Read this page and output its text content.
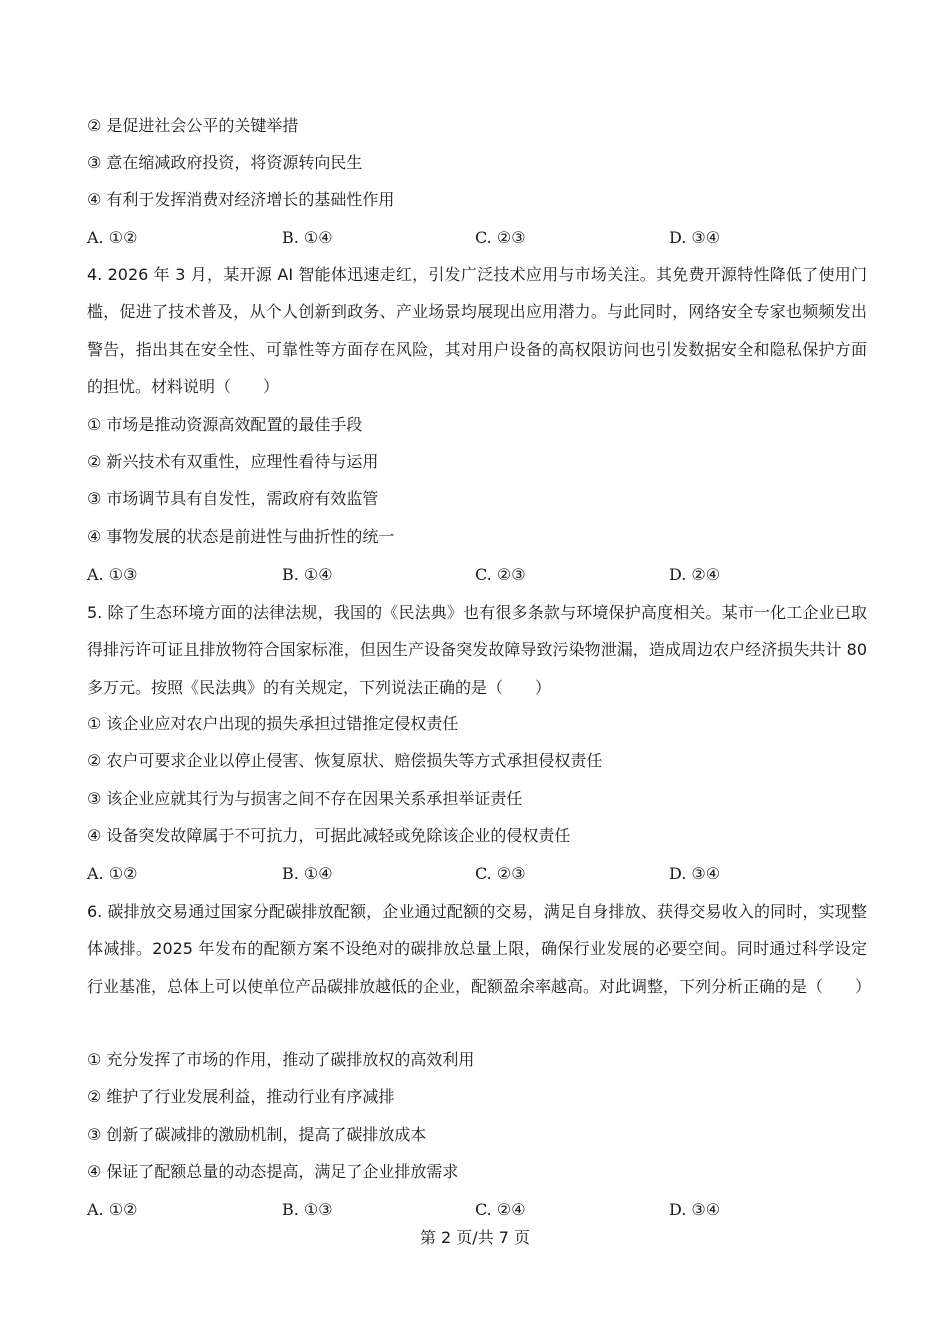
② 是促进社会公平的关键举措
③ 意在缩减政府投资，将资源转向民生
④ 有利于发挥消费对经济增长的基础性作用
A. ①②	B. ①④	C. ②③	D. ③④
4. 2026 年 3 月，某开源 AI 智能体迅速走红，引发广泛技术应用与市场关注。其免费开源特性降低了使用门槛，促进了技术普及，从个人创新到政务、产业场景均展现出应用潜力。与此同时，网络安全专家也频频发出警告，指出其在安全性、可靠性等方面存在风险，其对用户设备的高权限访问也引发数据安全和隐私保护方面的担忧。材料说明（　　）
① 市场是推动资源高效配置的最佳手段
② 新兴技术有双重性，应理性看待与运用
③ 市场调节具有自发性，需政府有效监管
④ 事物发展的状态是前进性与曲折性的统一
A. ①③	B. ①④	C. ②③	D. ②④
5. 除了生态环境方面的法律法规，我国的《民法典》也有很多条款与环境保护高度相关。某市一化工企业已取得排污许可证且排放物符合国家标准，但因生产设备突发故障导致污染物泄漏，造成周边农户经济损失共计 80 多万元。按照《民法典》的有关规定，下列说法正确的是（　　）
① 该企业应对农户出现的损失承担过错推定侵权责任
② 农户可要求企业以停止侵害、恢复原状、赔偿损失等方式承担侵权责任
③ 该企业应就其行为与损害之间不存在因果关系承担举证责任
④ 设备突发故障属于不可抗力，可据此减轻或免除该企业的侵权责任
A. ①②	B. ①④	C. ②③	D. ③④
6. 碳排放交易通过国家分配碳排放配额，企业通过配额的交易，满足自身排放、获得交易收入的同时，实现整体减排。2025 年发布的配额方案不设绝对的碳排放总量上限，确保行业发展的必要空间。同时通过科学设定行业基准，总体上可以使单位产品碳排放越低的企业，配额盈余率越高。对此调整，下列分析正确的是（　　）
① 充分发挥了市场的作用，推动了碳排放权的高效利用
② 维护了行业发展利益，推动行业有序减排
③ 创新了碳减排的激励机制，提高了碳排放成本
④ 保证了配额总量的动态提高，满足了企业排放需求
A. ①②	B. ①③	C. ②④	D. ③④
第 2 页/共 7 页
